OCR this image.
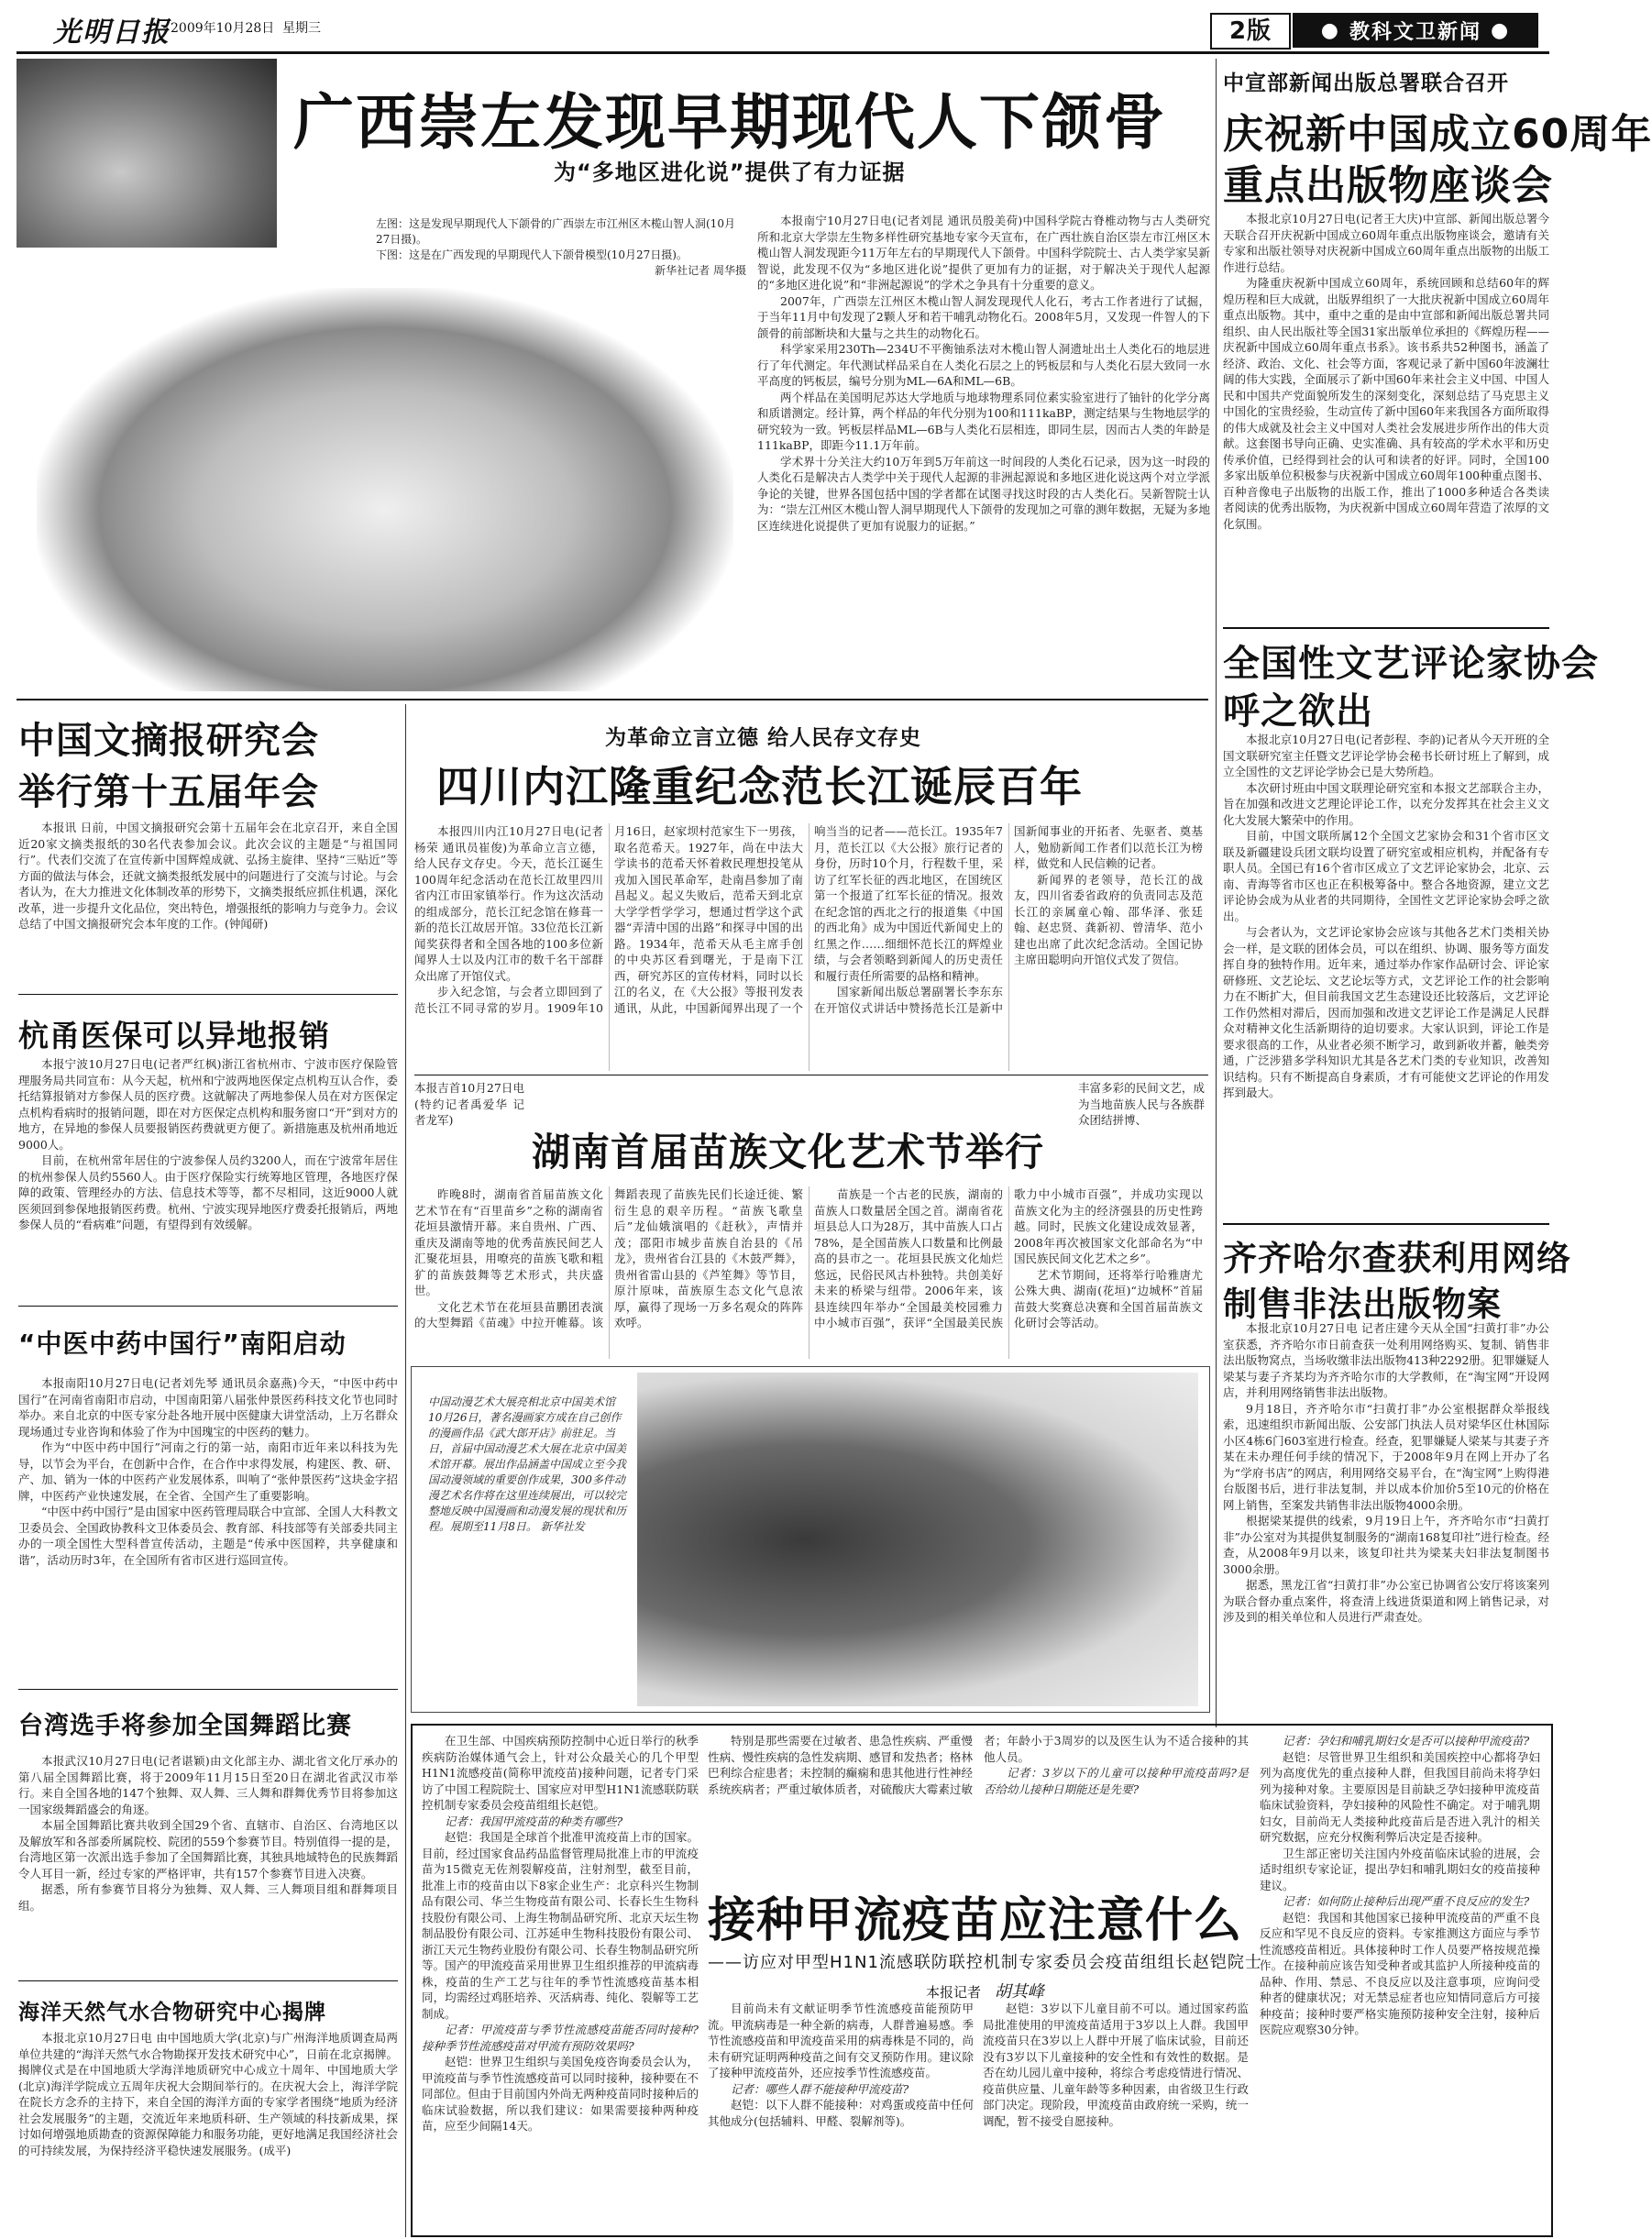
光明日报 2009年10月28日 星期三	2版	● 教科文卫新闻 ●
广西崇左发现早期现代人下颌骨
为“多地区进化说”提供了有力证据
左图：这是发现早期现代人下颌骨的广西崇左市江州区木榄山智人洞(10月27日摄)。
下图：这是在广西发现的早期现代人下颌骨模型(10月27日摄)。
新华社记者 周华摄

本报南宁10月27日电(记者刘昆 通讯员殷美荷)中国科学院古脊椎动物与古人类研究所和北京大学崇左生物多样性研究基地专家今天宣布，在广西壮族自治区崇左市江州区木榄山智人洞发现距今11万年左右的早期现代人下颌骨。中国科学院院士、古人类学家吴新智说，此发现不仅为“多地区进化说”提供了更加有力的证据，对于解决关于现代人起源的“多地区进化说”和“非洲起源说”的学术之争具有十分重要的意义。

2007年，广西崇左江州区木榄山智人洞发现现代人化石，考古工作者进行了试掘，于当年11月中旬发现了2颗人牙和若干哺乳动物化石。2008年5月，又发现一件智人的下颌骨的前部断块和大量与之共生的动物化石。

科学家采用230Th—234U不平衡铀系法对木榄山智人洞遗址出土人类化石的地层进行了年代测定。年代测试样品采自在人类化石层之上的钙板层和与人类化石层大致同一水平高度的钙板层，编号分别为ML—6A和ML—6B。

两个样品在美国明尼苏达大学地质与地球物理系同位素实验室进行了铀针的化学分离和质谱测定。经计算，两个样品的年代分别为100和111kaBP，测定结果与生物地层学的研究较为一致。钙板层样品ML—6B与人类化石层相连，即同生层，因而古人类的年龄是111kaBP，即距今11.1万年前。

学术界十分关注大约10万年到5万年前这一时间段的人类化石记录，因为这一时段的人类化石是解决古人类学中关于现代人起源的非洲起源说和多地区进化说这两个对立学派争论的关键，世界各国包括中国的学者都在试图寻找这时段的古人类化石。吴新智院士认为：“崇左江州区木榄山智人洞早期现代人下颌骨的发现加之可靠的测年数据，无疑为多地区连续进化说提供了更加有说服力的证据。”

中宣部新闻出版总署联合召开
庆祝新中国成立60周年
重点出版物座谈会

本报北京10月27日电(记者王大庆)中宣部、新闻出版总署今天联合召开庆祝新中国成立60周年重点出版物座谈会，邀请有关专家和出版社领导对庆祝新中国成立60周年重点出版物的出版工作进行总结。

为隆重庆祝新中国成立60周年，系统回顾和总结60年的辉煌历程和巨大成就，出版界组织了一大批庆祝新中国成立60周年重点出版物。其中，重中之重的是由中宣部和新闻出版总署共同组织、由人民出版社等全国31家出版单位承担的《辉煌历程——庆祝新中国成立60周年重点书系》。该书系共52种图书，涵盖了经济、政治、文化、社会等方面，客观记录了新中国60年波澜壮阔的伟大实践，全面展示了新中国60年来社会主义中国、中国人民和中国共产党面貌所发生的深刻变化，深刻总结了马克思主义中国化的宝贵经验，生动宣传了新中国60年来我国各方面所取得的伟大成就及社会主义中国对人类社会发展进步所作出的伟大贡献。这套图书导向正确、史实准确、具有较高的学术水平和历史传承价值，已经得到社会的认可和读者的好评。同时，全国100多家出版单位积极参与庆祝新中国成立60周年100种重点图书、百种音像电子出版物的出版工作，推出了1000多种适合各类读者阅读的优秀出版物，为庆祝新中国成立60周年营造了浓厚的文化氛围。

全国性文艺评论家协会
呼之欲出

本报北京10月27日电(记者彭程、李韵)记者从今天开班的全国文联研究室主任暨文艺评论学协会秘书长研讨班上了解到，成立全国性的文艺评论学协会已是大势所趋。

本次研讨班由中国文联理论研究室和本报文艺部联合主办，旨在加强和改进文艺理论评论工作，以充分发挥其在社会主义文化大发展大繁荣中的作用。

目前，中国文联所属12个全国文艺家协会和31个省市区文联及新疆建设兵团文联均设置了研究室或相应机构，并配备有专职人员。全国已有16个省市区成立了文艺评论家协会，北京、云南、青海等省市区也正在积极筹备中。整合各地资源，建立文艺评论协会成为从业者的共同期待，全国性文艺评论家协会呼之欲出。

与会者认为，文艺评论家协会应该与其他各艺术门类相关协会一样，是文联的团体会员，可以在组织、协调、服务等方面发挥自身的独特作用。近年来，通过举办作家作品研讨会、评论家研修班、文艺论坛、文艺论坛等方式，文艺评论工作的社会影响力在不断扩大，但目前我国文艺生态建设还比较落后，文艺评论工作仍然相对滞后，因而加强和改进文艺评论工作是满足人民群众对精神文化生活新期待的迫切要求。大家认识到，评论工作是要求很高的工作，从业者必须不断学习，敢到新收并蓄，触类旁通，广泛涉猎多学科知识尤其是各艺术门类的专业知识，改善知识结构。只有不断提高自身素质，才有可能使文艺评论的作用发挥到最大。

齐齐哈尔查获利用网络
制售非法出版物案

本报北京10月27日电 记者庄建今天从全国“扫黄打非”办公室获悉，齐齐哈尔市日前查获一处利用网络购买、复制、销售非法出版物窝点，当场收缴非法出版物413种2292册。犯罪嫌疑人梁某与妻子齐某均为齐齐哈尔市的大学教师，在“淘宝网”开设网店，并利用网络销售非法出版物。

9月18日，齐齐哈尔市“扫黄打非”办公室根据群众举报线索，迅速组织市新闻出版、公安部门执法人员对梁华区仕林国际小区4栋6门603室进行检查。经查，犯罪嫌疑人梁某与其妻子齐某在未办理任何手续的情况下，于2008年9月在网上开办了名为“学府书店”的网店，利用网络交易平台，在“淘宝网”上购得港台版图书后，进行非法复制，并以成本价加价5至10元的价格在网上销售，至案发共销售非法出版物4000余册。

根据梁某提供的线索，9月19日上午，齐齐哈尔市“扫黄打非”办公室对为其提供复制服务的“湖南168复印社”进行检查。经查，从2008年9月以来，该复印社共为梁某夫妇非法复制图书3000余册。

据悉，黑龙江省“扫黄打非”办公室已协调省公安厅将该案列为联合督办重点案件，将查清上线进货渠道和网上销售记录，对涉及到的相关单位和人员进行严肃查处。

中国文摘报研究会
举行第十五届年会

本报讯 日前，中国文摘报研究会第十五届年会在北京召开，来自全国近20家文摘类报纸的30名代表参加会议。此次会议的主题是“与祖国同行”。代表们交流了在宣传新中国辉煌成就、弘扬主旋律、坚持“三贴近”等方面的做法与体会，还就文摘类报纸发展中的问题进行了交流与讨论。与会者认为，在大力推进文化体制改革的形势下，文摘类报纸应抓住机遇，深化改革，进一步提升文化品位，突出特色，增强报纸的影响力与竞争力。会议总结了中国文摘报研究会本年度的工作。(钟闻研)

杭甬医保可以异地报销

本报宁波10月27日电(记者严红枫)浙江省杭州市、宁波市医疗保险管理服务局共同宣布：从今天起，杭州和宁波两地医保定点机构互认合作，委托结算报销对方参保人员的医疗费。这就解决了两地参保人员在对方医保定点机构看病时的报销问题，即在对方医保定点机构和服务窗口“开”到对方的地方，在异地的参保人员要报销医药费就更方便了。新措施惠及杭州甬地近9000人。

目前，在杭州常年居住的宁波参保人员约3200人，而在宁波常年居住的杭州参保人员约5560人。由于医疗保险实行统筹地区管理，各地医疗保障的政策、管理经办的方法、信息技术等等，都不尽相同，这近9000人就医须回到参保地报销医药费。杭州、宁波实现异地医疗费委托报销后，两地参保人员的“看病难”问题，有望得到有效缓解。

“中医中药中国行”南阳启动

本报南阳10月27日电(记者刘先琴 通讯员余嘉燕)今天，“中医中药中国行”在河南省南阳市启动，中国南阳第八届张仲景医药科技文化节也同时举办。来自北京的中医专家分赴各地开展中医健康大讲堂活动，上万名群众现场通过专业咨询和体验了作为中国瑰宝的中医药的魅力。

作为“中医中药中国行”河南之行的第一站，南阳市近年来以科技为先导，以节会为平台，在创新中合作，在合作中求得发展，构建医、教、研、产、加、销为一体的中医药产业发展体系，叫响了“张仲景医药”这块金字招牌，中医药产业快速发展，在全省、全国产生了重要影响。

“中医中药中国行”是由国家中医药管理局联合中宣部、全国人大科教文卫委员会、全国政协教科文卫体委员会、教育部、科技部等有关部委共同主办的一项全国性大型科普宣传活动，主题是“传承中医国粹，共享健康和谐”，活动历时3年，在全国所有省市区进行巡回宣传。

台湾选手将参加全国舞蹈比赛

本报武汉10月27日电(记者谌颖)由文化部主办、湖北省文化厅承办的第八届全国舞蹈比赛，将于2009年11月15日至20日在湖北省武汉市举行。来自全国各地的147个独舞、双人舞、三人舞和群舞优秀节目将参加这一国家级舞蹈盛会的角逐。

本届全国舞蹈比赛共收到全国29个省、直辖市、自治区、台湾地区以及解放军和各部委所属院校、院团的559个参赛节目。特别值得一提的是，台湾地区第一次派出选手参加了全国舞蹈比赛，其独具地域特色的民族舞蹈令人耳目一新，经过专家的严格评审，共有157个参赛节目进入决赛。

据悉，所有参赛节目将分为独舞、双人舞、三人舞项目组和群舞项目组。

海洋天然气水合物研究中心揭牌

本报北京10月27日电 由中国地质大学(北京)与广州海洋地质调查局两单位共建的“海洋天然气水合物勘探开发技术研究中心”，日前在北京揭牌。揭牌仪式是在中国地质大学海洋地质研究中心成立十周年、中国地质大学(北京)海洋学院成立五周年庆祝大会期间举行的。在庆祝大会上，海洋学院在院长方念乔的主持下，来自全国的海洋方面的专家学者围绕“地质为经济社会发展服务”的主题，交流近年来地质科研、生产领域的科技新成果，探讨如何增强地质勘查的资源保障能力和服务功能，更好地满足我国经济社会的可持续发展，为保持经济平稳快速发展服务。(成平)

为革命立言立德 给人民存文存史
四川内江隆重纪念范长江诞辰百年

本报四川内江10月27日电(记者杨荣 通讯员崔俊)为革命立言立德，给人民存文存史。今天，范长江诞生100周年纪念活动在范长江故里四川省内江市田家镇举行。作为这次活动的组成部分，范长江纪念馆在修葺一新的范长江故居开馆。33位范长江新闻奖获得者和全国各地的100多位新闻界人士以及内江市的数千名干部群众出席了开馆仪式。

步入纪念馆，与会者立即回到了范长江不同寻常的岁月。1909年10月16日，赵家坝村范家生下一男孩，取名范希天。1927年，尚在中法大学读书的范希天怀着救民理想投笔从戎加入国民革命军，赴南昌参加了南昌起义。起义失败后，范希天到北京大学学哲学学习，想通过哲学这个武器“弄清中国的出路”和探寻中国的出路。1934年，范希天从毛主席手创的中央苏区看到曙光，于是南下江西，研究苏区的宣传材料，同时以长江的名义，在《大公报》等报刊发表通讯，从此，中国新闻界出现了一个响当当的记者——范长江。1935年7月，范长江以《大公报》旅行记者的身份，历时10个月，行程数千里，采访了红军长征的西北地区，在国统区第一个报道了红军长征的情况。报效在纪念馆的西北之行的报道集《中国的西北角》成为中国近代新闻史上的红黑之作……细细怀范长江的辉煌业绩，与会者领略到新闻人的历史责任和履行责任所需要的品格和精神。

国家新闻出版总署副署长李东东在开馆仪式讲话中赞扬范长江是新中国新闻事业的开拓者、先驱者、奠基人，勉励新闻工作者们以范长江为榜样，做党和人民信赖的记者。

新闻界的老领导，范长江的战友，四川省委省政府的负责同志及范长江的亲属童心翰、邵华泽、张廷翰、赵忠贤、龚新初、曾清华、范小建也出席了此次纪念活动。全国记协主席田聪明向开馆仪式发了贺信。

本报吉首10月27日电(特约记者禹爱华 记者龙军)
湖南首届苗族文化艺术节举行
丰富多彩的民间文艺，成为当地苗族人民与各族群众团结拼博、

昨晚8时，湖南省首届苗族文化艺术节在有“百里苗乡”之称的湖南省花垣县激情开幕。来自贵州、广西、重庆及湖南等地的优秀苗族民间艺人汇聚花垣县，用嘹亮的苗族飞歌和粗犷的苗族鼓舞等艺术形式，共庆盛世。

文化艺术节在花垣县苗鹏团表演的大型舞蹈《苗魂》中拉开帷幕。该舞蹈表现了苗族先民们长途迁徙、繁衍生息的艰辛历程。“苗族飞歌皇后”龙仙娥演唱的《赶秋》，声情并茂；邵阳市城步苗族自治县的《吊龙》，贵州省台江县的《木鼓严舞》，贵州省雷山县的《芦笙舞》等节目，原汁原味，苗族原生态文化气息浓厚，赢得了现场一万多名观众的阵阵欢呼。

苗族是一个古老的民族，湖南的苗族人口数量居全国之首。湖南省花垣县总人口为28万，其中苗族人口占78%，是全国苗族人口数量和比例最高的县市之一。花垣县民族文化灿烂悠远，民俗民风古朴独特。共创美好未来的桥梁与纽带。2006年来，该县连续四年举办“全国最美校园雅力中小城市百强”，获评“全国最美民族歌力中小城市百强”，并成功实现以苗族文化为主的经济强县的历史性跨越。同时，民族文化建设成效显著，2008年再次被国家文化部命名为“中国民族民间文化艺术之乡”。

艺术节期间，还将举行哈雅唐尤公殊大典、湖南(花垣)“边城杯”首届苗鼓大奖赛总决赛和全国首届苗族文化研讨会等活动。

中国动漫艺术大展亮相北京中国美术馆 10月26日，著名漫画家方成在自己创作的漫画作品《武大郎开店》前驻足。当日，首届中国动漫艺术大展在北京中国美术馆开幕。展出作品涵盖中国成立至今我国动漫领域的重要创作成果，300多件动漫艺术名作将在这里连续展出，可以较完整地反映中国漫画和动漫发展的现状和历程。展期至11月8日。 新华社发

在卫生部、中国疾病预防控制中心近日举行的秋季疾病防治媒体通气会上，针对公众最关心的几个甲型H1N1流感疫苗(简称甲流疫苗)接种问题，记者专门采访了中国工程院院士、国家应对甲型H1N1流感联防联控机制专家委员会疫苗组组长赵铠。

记者：我国甲流疫苗的种类有哪些?

赵铠：我国是全球首个批准甲流疫苗上市的国家。目前，经过国家食品药品监督管理局批准上市的甲流疫苗为15微克无佐剂裂解疫苗，注射剂型，截至目前，批准上市的疫苗由以下8家企业生产：北京科兴生物制品有限公司、华兰生物疫苗有限公司、长春长生生物科技股份有限公司、上海生物制品研究所、北京天坛生物制品股份有限公司、江苏延申生物科技股份有限公司、浙江天元生物药业股份有限公司、长春生物制品研究所等。国产的甲流疫苗采用世界卫生组织推荐的甲流病毒株，疫苗的生产工艺与往年的季节性流感疫苗基本相同，均需经过鸡胚培养、灭活病毒、纯化、裂解等工艺制成。

记者：甲流疫苗与季节性流感疫苗能否同时接种?接种季节性流感疫苗对甲流有预防效果吗?

赵铠：世界卫生组织与美国免疫咨询委员会认为，甲流疫苗与季节性流感疫苗可以同时接种，接种要在不同部位。但由于目前国内外尚无两种疫苗同时接种后的临床试验数据，所以我们建议：如果需要接种两种疫苗，应至少间隔14天。

特别是那些需要在过敏者、患急性疾病、严重慢性病、慢性疾病的急性发病期、感冒和发热者；格林巴利综合症患者；未控制的癫痫和患其他进行性神经系统疾病者；严重过敏体质者，对硫酸庆大霉素过敏者；年龄小于3周岁的以及医生认为不适合接种的其他人员。

记者：3岁以下的儿童可以接种甲流疫苗吗?是否给幼儿接种日期能还是先要?

接种甲流疫苗应注意什么
——访应对甲型H1N1流感联防联控机制专家委员会疫苗组组长赵铠院士
本报记者 胡其峰

目前尚未有文献证明季节性流感疫苗能预防甲流。甲流病毒是一种全新的病毒，人群普遍易感。季节性流感疫苗和甲流疫苗采用的病毒株是不同的，尚未有研究证明两种疫苗之间有交叉预防作用。建议除了接种甲流疫苗外，还应按季节性流感疫苗。

记者：哪些人群不能接种甲流疫苗?

赵铠：以下人群不能接种：对鸡蛋或疫苗中任何其他成分(包括辅料、甲醛、裂解剂等)。

赵铠：3岁以下儿童目前不可以。通过国家药监局批准使用的甲流疫苗适用于3岁以上人群。我国甲流疫苗只在3岁以上人群中开展了临床试验，目前还没有3岁以下儿童接种的安全性和有效性的数据。是否在幼儿园儿童中接种，将综合考虑疫情进行情况、疫苗供应量、儿童年龄等多种因素，由省级卫生行政部门决定。现阶段，甲流疫苗由政府统一采购，统一调配，暂不接受自愿接种。

记者：孕妇和哺乳期妇女是否可以接种甲流疫苗?

赵铠：尽管世界卫生组织和美国疾控中心都将孕妇列为高度优先的重点接种人群，但我国目前尚未将孕妇列为接种对象。主要原因是目前缺乏孕妇接种甲流疫苗临床试验资料，孕妇接种的风险性不确定。对于哺乳期妇女，目前尚无人类接种此疫苗后是否进入乳汁的相关研究数据，应充分权衡利弊后决定是否接种。

卫生部正密切关注国内外疫苗临床试验的进展，会适时组织专家论证，提出孕妇和哺乳期妇女的疫苗接种建议。

记者：如何防止接种后出现严重不良反应的发生?

赵铠：我国和其他国家已接种甲流疫苗的严重不良反应和罕见不良反应的资料。专家推测这方面应与季节性流感疫苗相近。具体接种时工作人员要严格按规范操作。在接种前应该告知受种者或其监护人所接种疫苗的品种、作用、禁忌、不良反应以及注意事项，应询问受种者的健康状况；对无禁忌症者也应知情同意后方可接种疫苗；接种时要严格实施预防接种安全注射，接种后医院应观察30分钟。
